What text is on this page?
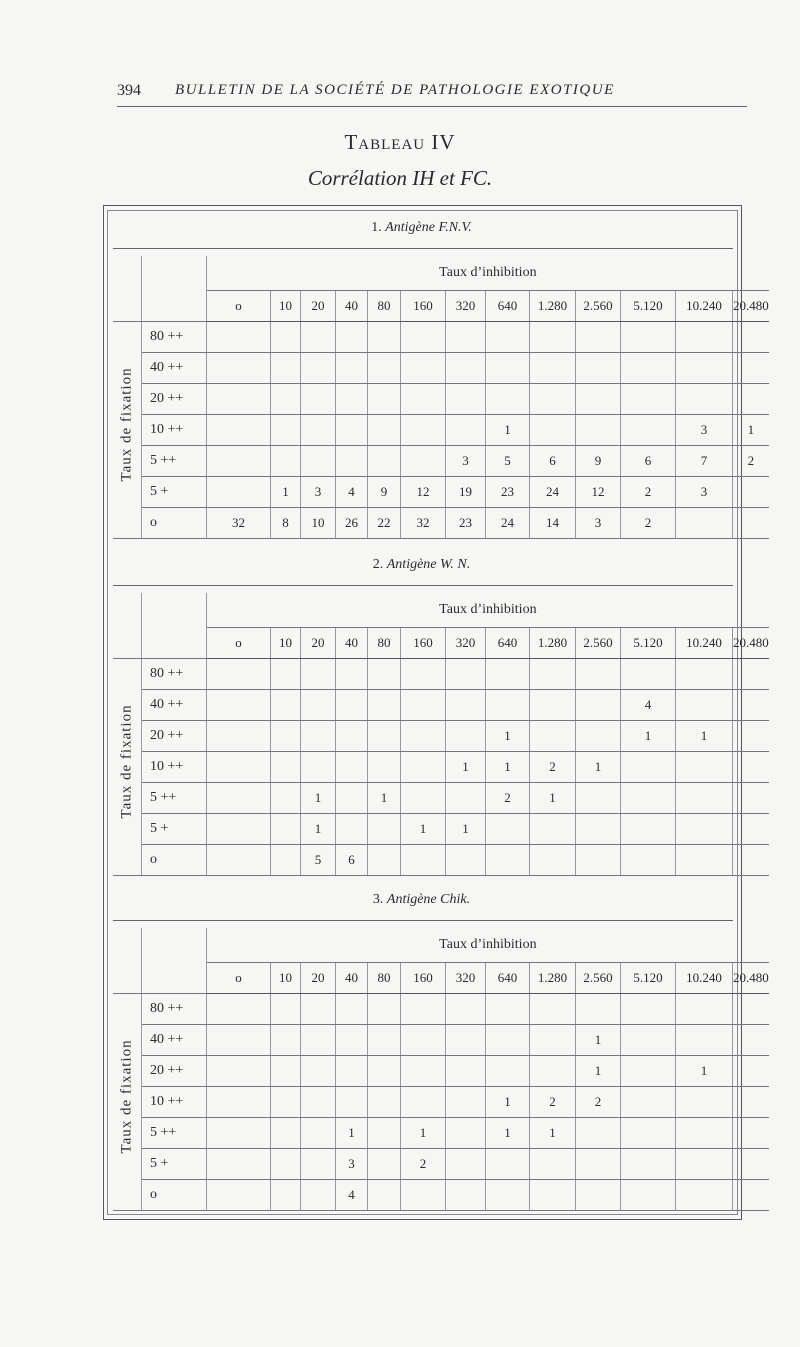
394 BULLETIN DE LA SOCIÉTÉ DE PATHOLOGIE EXOTIQUE
Tableau IV
Corrélation IH et FC.
1. Antigène F.N.V.
		Taux d’inhibition												
		o	10	20	40	80	160	320	640	1.280	2.560	5.120	10.240	20.480

Taux de fixation	80 ++													
	40 ++													
	20 ++													
	10 ++								1				3	1
	5 ++							3	5	6	9	6	7	2
	5 +		1	3	4	9	12	19	23	24	12	2	3	
	o	32	8	10	26	22	32	23	24	14	3	2		
2. Antigène W. N.
		Taux d’inhibition												
		o	10	20	40	80	160	320	640	1.280	2.560	5.120	10.240	20.480

Taux de fixation	80 ++													
	40 ++											4		
	20 ++								1			1	1	
	10 ++							1	1	2	1			
	5 ++			1		1			2	1				
	5 +			1			1	1						
	o			5	6									
3. Antigène Chik.
		Taux d’inhibition												
		o	10	20	40	80	160	320	640	1.280	2.560	5.120	10.240	20.480

Taux de fixation	80 ++													
	40 ++										1			
	20 ++										1		1	
	10 ++								1	2	2			
	5 ++				1		1		1	1				
	5 +				3		2							
	o				4									
